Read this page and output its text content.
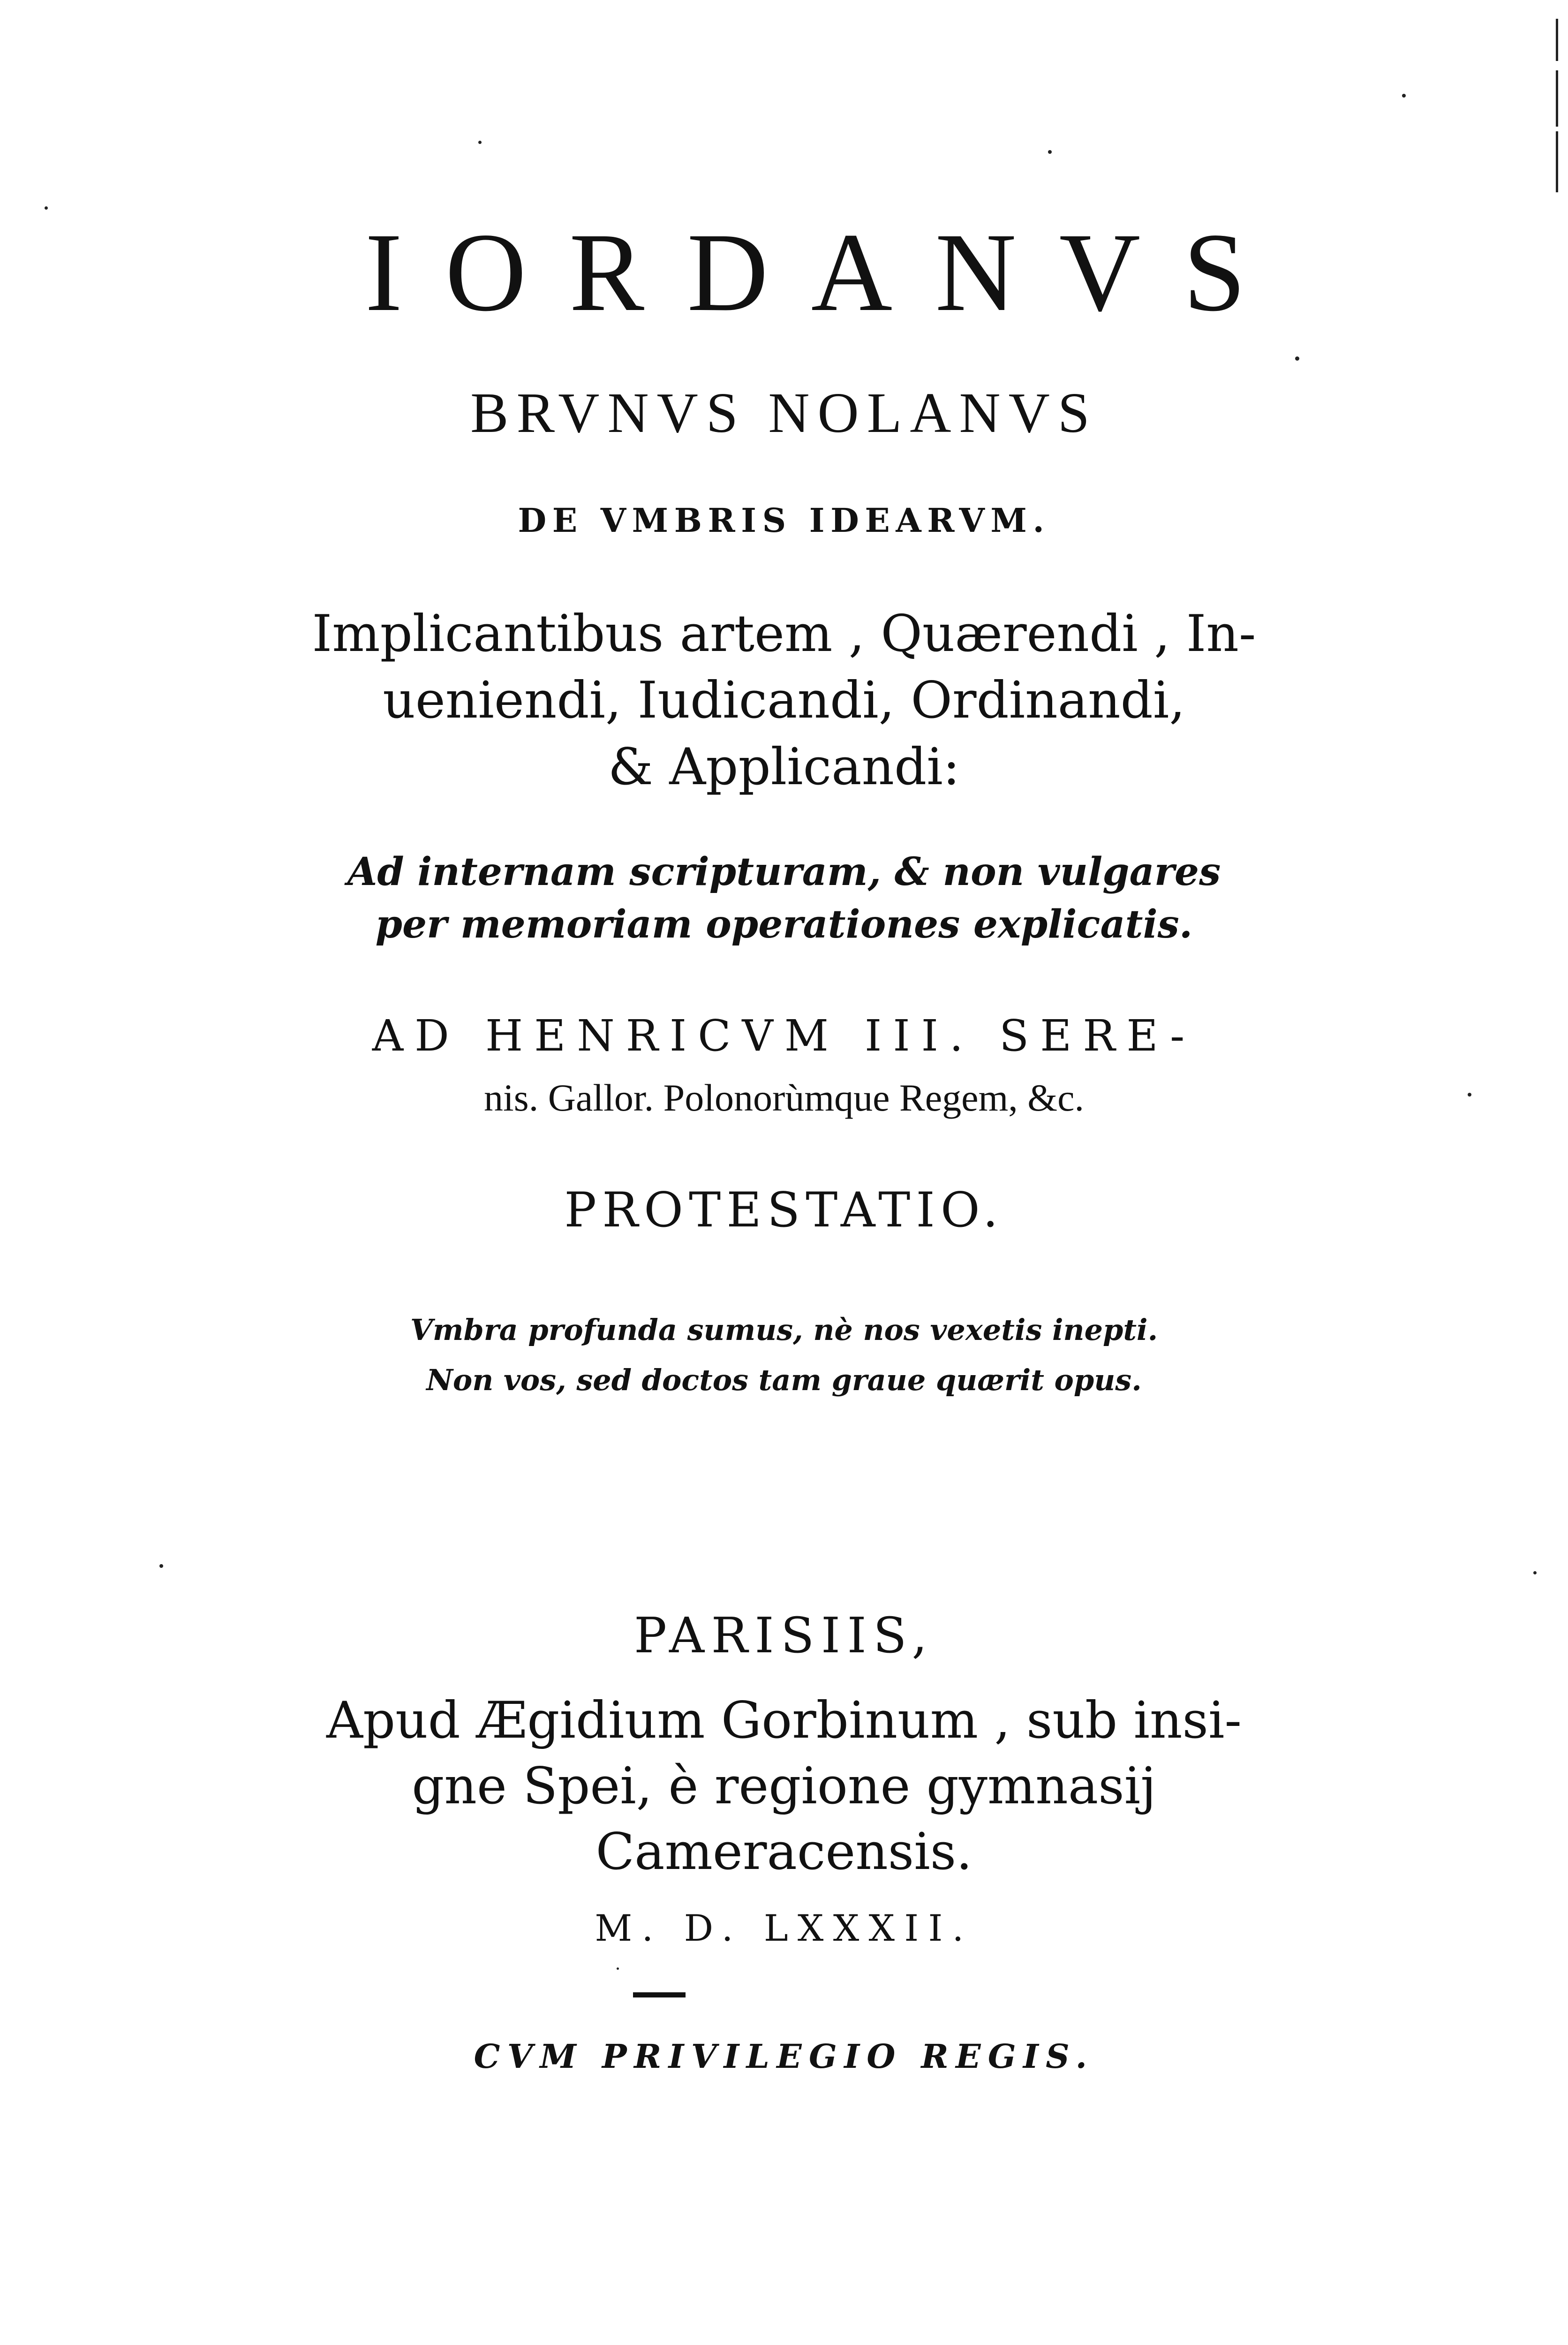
IORDANVS
BRVNVS NOLANVS
DE VMBRIS IDEARVM.
Implicantibus artem , Quærendi , In-
ueniendi, Iudicandi, Ordinandi,
& Applicandi:
Ad internam scripturam, & non vulgares
per memoriam operationes explicatis.
AD HENRICVM III. SERE-
nis. Gallor. Polonorùmque Regem, &c.
PROTESTATIO.
Vmbra profunda sumus, nè nos vexetis inepti.
Non vos, sed doctos tam graue quærit opus.
PARISIIS,
Apud Ægidium Gorbinum , sub insi-
gne Spei, è regione gymnasij
Cameracensis.
M. D. LXXXII.
CVM PRIVILEGIO REGIS.
